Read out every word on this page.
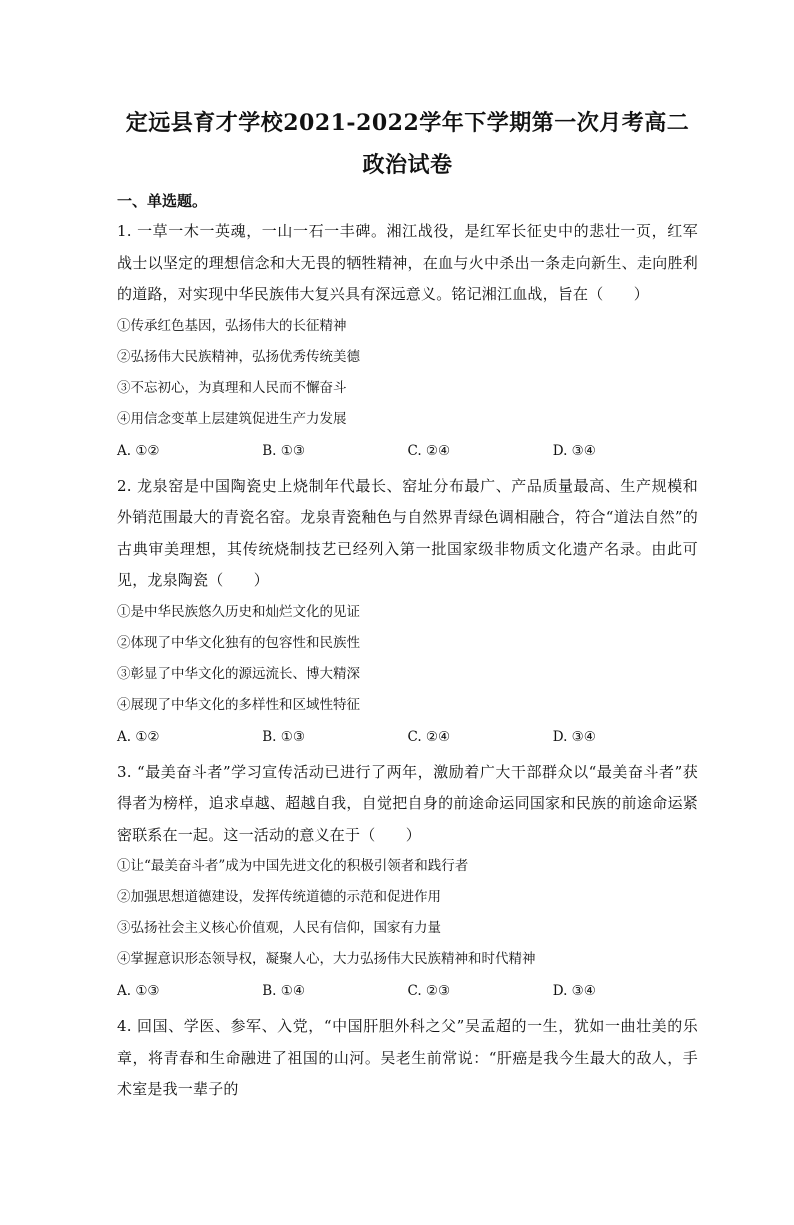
定远县育才学校2021-2022学年下学期第一次月考高二政治试卷
一、单选题。
1. 一草一木一英魂，一山一石一丰碑。湘江战役，是红军长征史中的悲壮一页，红军战士以坚定的理想信念和大无畏的牺牲精神，在血与火中杀出一条走向新生、走向胜利的道路，对实现中华民族伟大复兴具有深远意义。铭记湘江血战，旨在（　　）
①传承红色基因，弘扬伟大的长征精神
②弘扬伟大民族精神，弘扬优秀传统美德
③不忘初心，为真理和人民而不懈奋斗
④用信念变革上层建筑促进生产力发展
A. ①②	B. ①③	C. ②④	D. ③④
2. 龙泉窑是中国陶瓷史上烧制年代最长、窑址分布最广、产品质量最高、生产规模和外销范围最大的青瓷名窑。龙泉青瓷釉色与自然界青绿色调相融合，符合“道法自然”的古典审美理想，其传统烧制技艺已经列入第一批国家级非物质文化遗产名录。由此可见，龙泉陶瓷（　　）
①是中华民族悠久历史和灿烂文化的见证
②体现了中华文化独有的包容性和民族性
③彰显了中华文化的源远流长、博大精深
④展现了中华文化的多样性和区域性特征
A. ①②	B. ①③	C. ②④	D. ③④
3. “最美奋斗者”学习宣传活动已进行了两年，激励着广大干部群众以“最美奋斗者”获得者为榜样，追求卓越、超越自我，自觉把自身的前途命运同国家和民族的前途命运紧密联系在一起。这一活动的意义在于（　　）
①让“最美奋斗者”成为中国先进文化的积极引领者和践行者
②加强思想道德建设，发挥传统道德的示范和促进作用
③弘扬社会主义核心价值观，人民有信仰，国家有力量
④掌握意识形态领导权，凝聚人心，大力弘扬伟大民族精神和时代精神
A. ①③	B. ①④	C. ②③	D. ③④
4. 回国、学医、参军、入党，“中国肝胆外科之父”吴孟超的一生，犹如一曲壮美的乐章，将青春和生命融进了祖国的山河。吴老生前常说：“肝癌是我今生最大的敌人，手术室是我一辈子的
